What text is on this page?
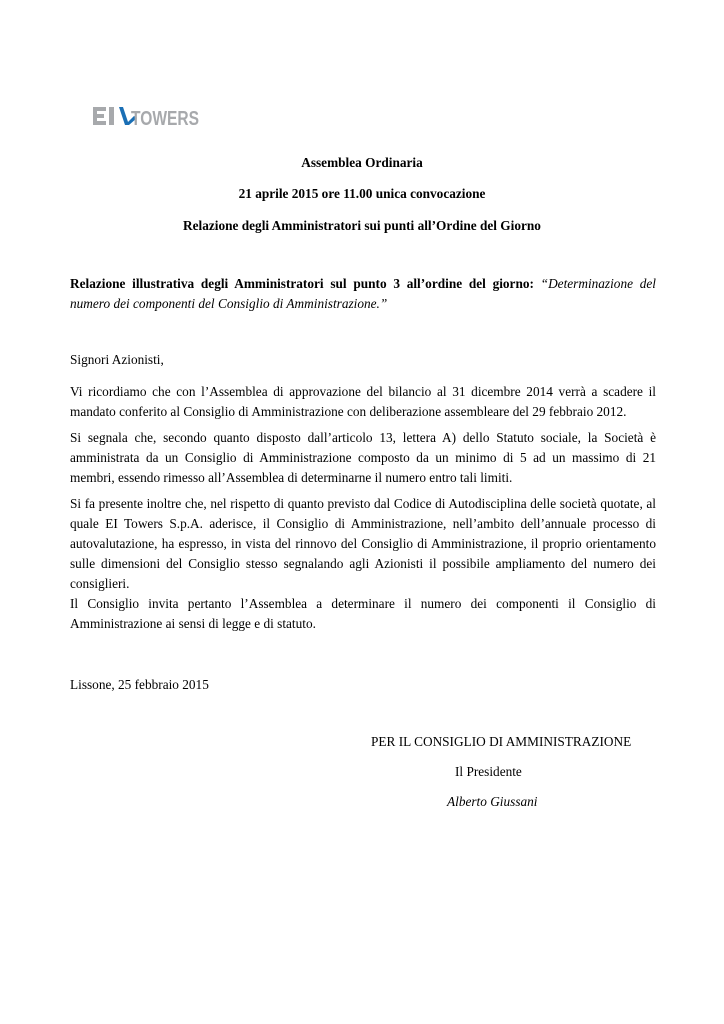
TOWERS
Assemblea Ordinaria
21 aprile 2015 ore 11.00 unica convocazione
Relazione degli Amministratori sui punti all’Ordine del Giorno
Relazione illustrativa degli Amministratori sul punto 3 all’ordine del giorno: “Determinazione del
numero dei componenti del Consiglio di Amministrazione.”
Signori Azionisti,
Vi ricordiamo che con l’Assemblea di approvazione del bilancio al 31 dicembre 2014 verrà a scadere il
mandato conferito al Consiglio di Amministrazione con deliberazione assembleare del 29 febbraio 2012.
Si segnala che, secondo quanto disposto dall’articolo 13, lettera A) dello Statuto sociale, la Società è
amministrata da un Consiglio di Amministrazione composto da un minimo di 5 ad un massimo di 21
membri, essendo rimesso all’Assemblea di determinarne il numero entro tali limiti.
Si fa presente inoltre che, nel rispetto di quanto previsto dal Codice di Autodisciplina delle società quotate, al
quale EI Towers S.p.A. aderisce, il Consiglio di Amministrazione, nell’ambito dell’annuale processo di
autovalutazione, ha espresso, in vista del rinnovo del Consiglio di Amministrazione, il proprio orientamento
sulle dimensioni del Consiglio stesso segnalando agli Azionisti il possibile ampliamento del numero dei
consiglieri.
Il Consiglio invita pertanto l’Assemblea a determinare il numero dei componenti il Consiglio di
Amministrazione ai sensi di legge e di statuto.
Lissone, 25 febbraio 2015
PER IL CONSIGLIO DI AMMINISTRAZIONE
Il Presidente
Alberto Giussani
